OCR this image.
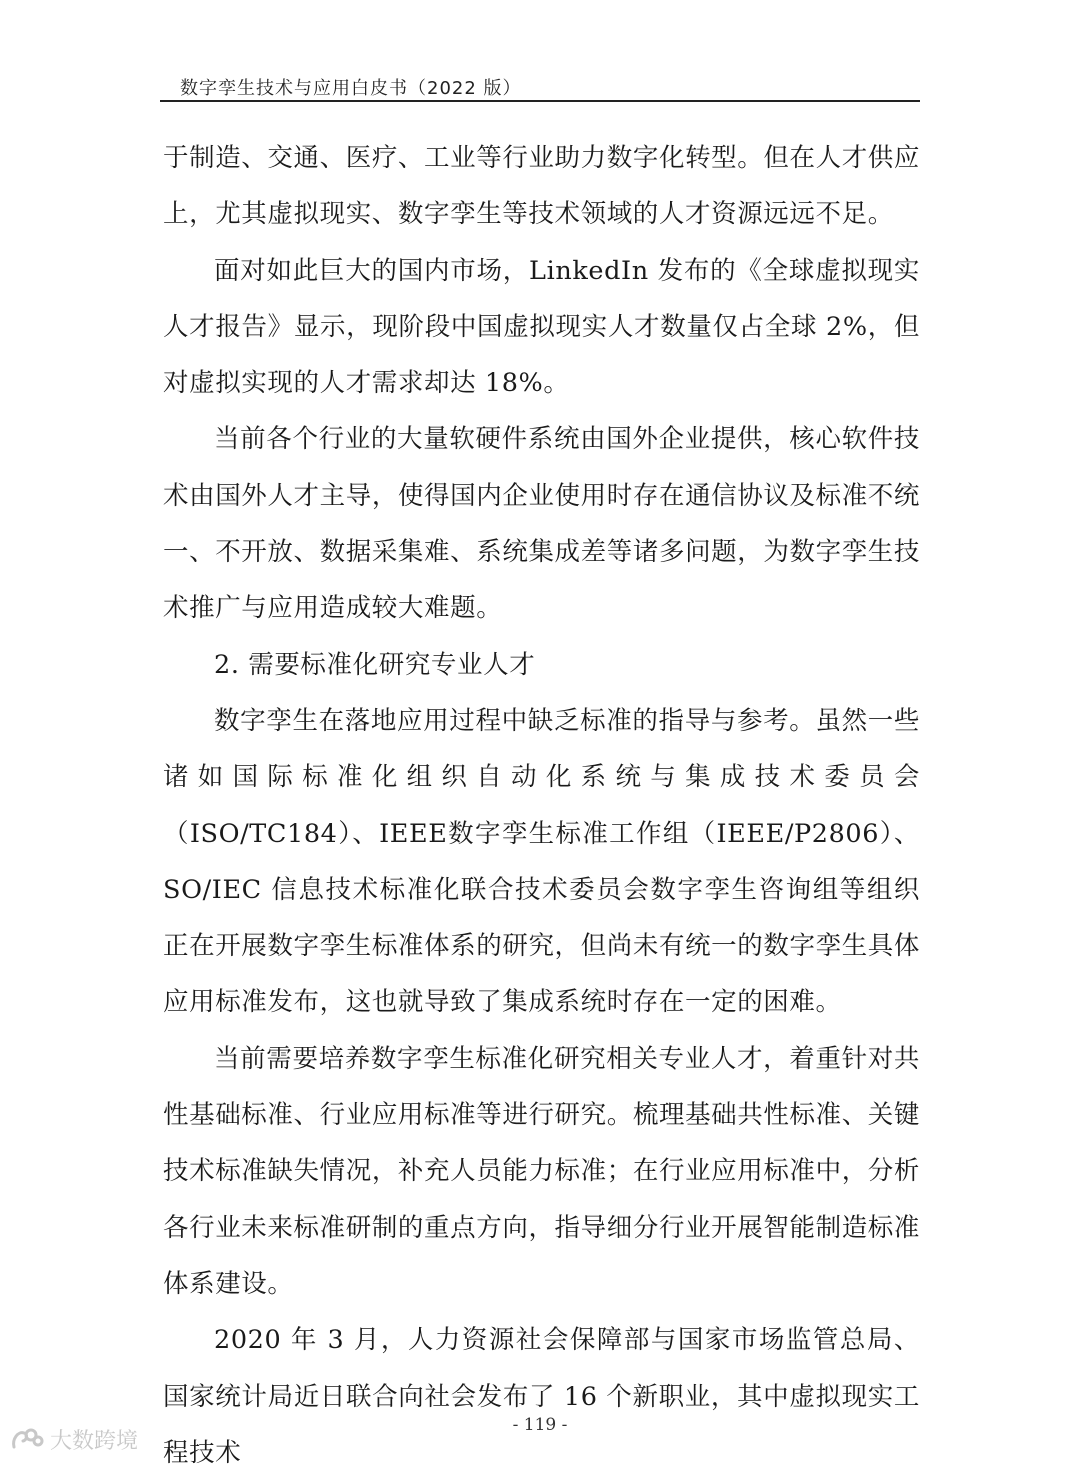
数字孪生技术与应用白皮书（2022 版）

于制造、交通、医疗、工业等行业助力数字化转型。但在人才供应上，尤其虚拟现实、数字孪生等技术领域的人才资源远远不足。

面对如此巨大的国内市场，LinkedIn 发布的《全球虚拟现实人才报告》显示，现阶段中国虚拟现实人才数量仅占全球 2%，但对虚拟实现的人才需求却达 18%。

当前各个行业的大量软硬件系统由国外企业提供，核心软件技术由国外人才主导，使得国内企业使用时存在通信协议及标准不统一、不开放、数据采集难、系统集成差等诸多问题，为数字孪生技术推广与应用造成较大难题。

2. 需要标准化研究专业人才

数字孪生在落地应用过程中缺乏标准的指导与参考。虽然一些诸如国际标准化组织自动化系统与集成技术委员会（ISO/TC184）、IEEE数字孪生标准工作组（IEEE/P2806）、SO/IEC 信息技术标准化联合技术委员会数字孪生咨询组等组织正在开展数字孪生标准体系的研究，但尚未有统一的数字孪生具体应用标准发布，这也就导致了集成系统时存在一定的困难。

当前需要培养数字孪生标准化研究相关专业人才，着重针对共性基础标准、行业应用标准等进行研究。梳理基础共性标准、关键技术标准缺失情况，补充人员能力标准；在行业应用标准中，分析各行业未来标准研制的重点方向，指导细分行业开展智能制造标准体系建设。

2020 年 3 月，人力资源社会保障部与国家市场监管总局、国家统计局近日联合向社会发布了 16 个新职业，其中虚拟现实工程技术

- 119 -
大数跨境
